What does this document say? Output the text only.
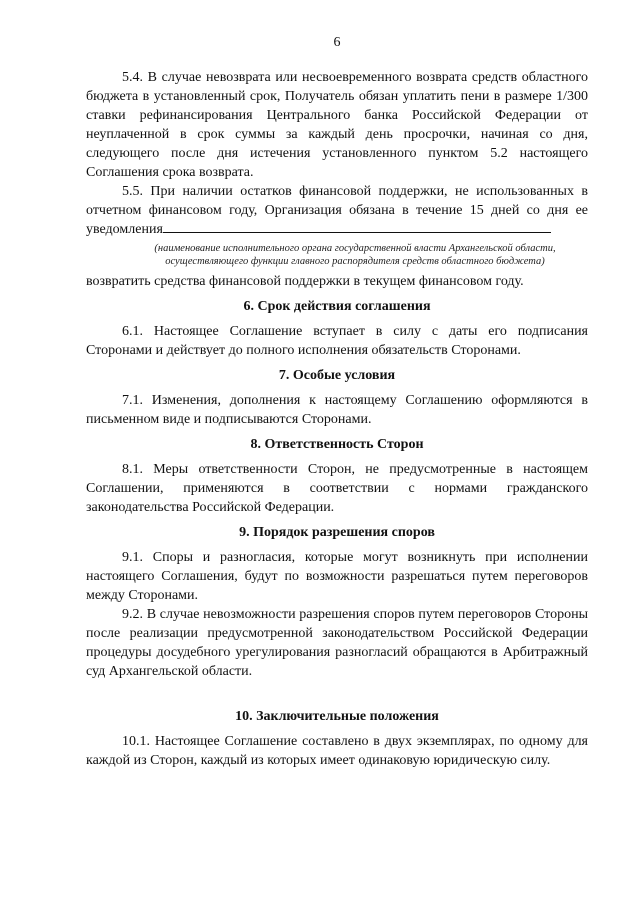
6

5.4. В случае невозврата или несвоевременного возврата средств областного бюджета в установленный срок, Получатель обязан уплатить пени в размере 1/300 ставки рефинансирования Центрального банка Российской Федерации от неуплаченной в срок суммы за каждый день просрочки, начиная со дня, следующего после дня истечения установленного пунктом 5.2 настоящего Соглашения срока возврата.

5.5. При наличии остатков финансовой поддержки, не использованных в отчетном финансовом году, Организация обязана в течение 15 дней со дня ее уведомления

(наименование исполнительного органа государственной власти Архангельской области, осуществляющего функции главного распорядителя средств областного бюджета)

возвратить средства финансовой поддержки в текущем финансовом году.

6. Срок действия соглашения

6.1. Настоящее Соглашение вступает в силу с даты его подписания Сторонами и действует до полного исполнения обязательств Сторонами.

7. Особые условия

7.1. Изменения, дополнения к настоящему Соглашению оформляются в письменном виде и подписываются Сторонами.

8. Ответственность Сторон

8.1. Меры ответственности Сторон, не предусмотренные в настоящем Соглашении, применяются в соответствии с нормами гражданского законодательства Российской Федерации.

9. Порядок разрешения споров

9.1. Споры и разногласия, которые могут возникнуть при исполнении настоящего Соглашения, будут по возможности разрешаться путем переговоров между Сторонами.

9.2. В случае невозможности разрешения споров путем переговоров Стороны после реализации предусмотренной законодательством Российской Федерации процедуры досудебного урегулирования разногласий обращаются в Арбитражный суд Архангельской области.

10. Заключительные положения

10.1. Настоящее Соглашение составлено в двух экземплярах, по одному для каждой из Сторон, каждый из которых имеет одинаковую юридическую силу.
